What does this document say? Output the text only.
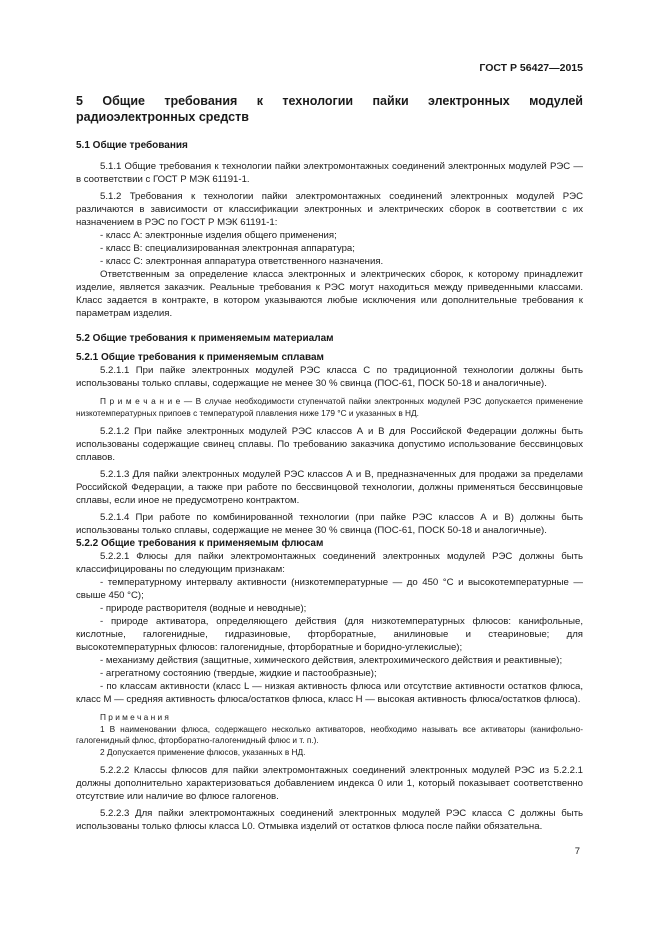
ГОСТ Р 56427—2015
5 Общие требования к технологии пайки электронных модулей
радиоэлектронных средств
5.1 Общие требования

5.1.1 Общие требования к технологии пайки электромонтажных соединений электронных модулей РЭС — в соответствии с ГОСТ Р МЭК 61191-1.

5.1.2 Требования к технологии пайки электромонтажных соединений электронных модулей РЭС различаются в зависимости от классификации электронных и электрических сборок в соответствии с их назначением в РЭС по ГОСТ Р МЭК 61191-1:

- класс А: электронные изделия общего применения;

- класс В: специализированная электронная аппаратура;

- класс С: электронная аппаратура ответственного назначения.

Ответственным за определение класса электронных и электрических сборок, к которому принадлежит изделие, является заказчик. Реальные требования к РЭС могут находиться между приведенными классами. Класс задается в контракте, в котором указываются любые исключения или дополнительные требования к параметрам изделия.

5.2 Общие требования к применяемым материалам
5.2.1 Общие требования к применяемым сплавам

5.2.1.1 При пайке электронных модулей РЭС класса С по традиционной технологии должны быть использованы только сплавы, содержащие не менее 30 % свинца (ПОС-61, ПОСК 50-18 и аналогичные).

П р и м е ч а н и е — В случае необходимости ступенчатой пайки электронных модулей РЭС допускается применение низкотемпературных припоев с температурой плавления ниже 179 °С и указанных в НД.

5.2.1.2 При пайке электронных модулей РЭС классов А и В для Российской Федерации должны быть использованы содержащие свинец сплавы. По требованию заказчика допустимо использование бессвинцовых сплавов.

5.2.1.3 Для пайки электронных модулей РЭС классов А и В, предназначенных для продажи за пределами Российской Федерации, а также при работе по бессвинцовой технологии, должны применяться бессвинцовые сплавы, если иное не предусмотрено контрактом.

5.2.1.4 При работе по комбинированной технологии (при пайке РЭС классов А и В) должны быть использованы только сплавы, содержащие не менее 30 % свинца (ПОС-61, ПОСК 50-18 и аналогичные).

5.2.2 Общие требования к применяемым флюсам

5.2.2.1 Флюсы для пайки электромонтажных соединений электронных модулей РЭС должны быть классифицированы по следующим признакам:

- температурному интервалу активности (низкотемпературные — до 450 °С и высокотемпературные — свыше 450 °С);

- природе растворителя (водные и неводные);

- природе активатора, определяющего действия (для низкотемпературных флюсов: канифольные, кислотные, галогенидные, гидразиновые, фторборатные, анилиновые и стеариновые; для высокотемпературных флюсов: галогенидные, фторборатные и боридно-углекислые);

- механизму действия (защитные, химического действия, электрохимического действия и реактивные);

- агрегатному состоянию (твердые, жидкие и пастообразные);

- по классам активности (класс L — низкая активность флюса или отсутствие активности остатков флюса, класс М — средняя активность флюса/остатков флюса, класс Н — высокая активность флюса/остатков флюса).

П р и м е ч а н и я

1 В наименовании флюса, содержащего несколько активаторов, необходимо называть все активаторы (канифольно-галогенидный флюс, фторборатно-галогенидный флюс и т. п.).

2 Допускается применение флюсов, указанных в НД.

5.2.2.2 Классы флюсов для пайки электромонтажных соединений электронных модулей РЭС из 5.2.2.1 должны дополнительно характеризоваться добавлением индекса 0 или 1, который показывает соответственно отсутствие или наличие во флюсе галогенов.

5.2.2.3 Для пайки электромонтажных соединений электронных модулей РЭС класса С должны быть использованы только флюсы класса L0. Отмывка изделий от остатков флюса после пайки обязательна.

7
